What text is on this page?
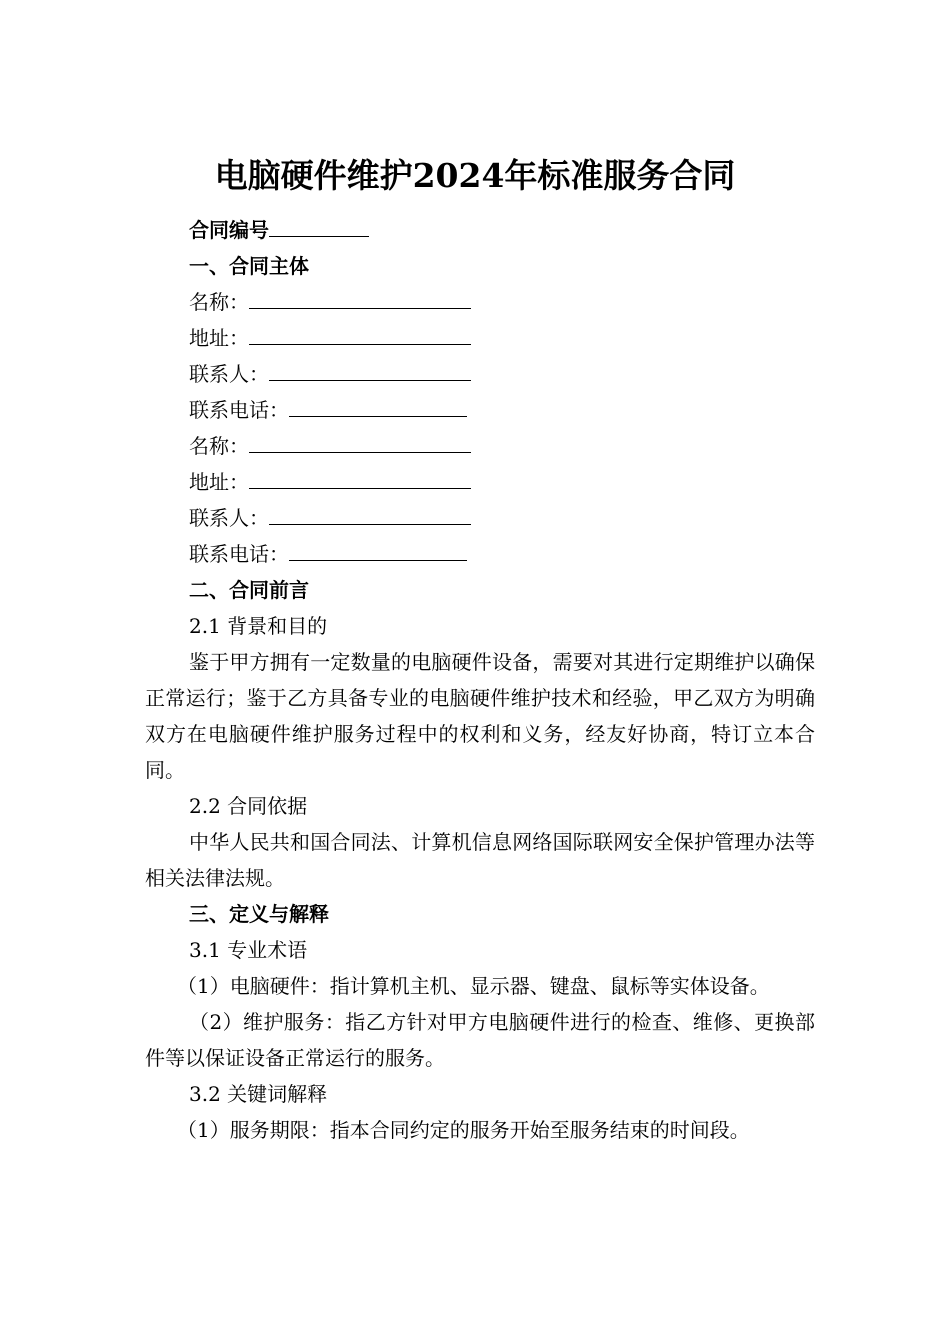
电脑硬件维护2024年标准服务合同
合同编号
一、合同主体
名称：
地址：
联系人：
联系电话：
名称：
地址：
联系人：
联系电话：
二、合同前言
2.1 背景和目的
鉴于甲方拥有一定数量的电脑硬件设备，需要对其进行定期维护以确保正常运行；鉴于乙方具备专业的电脑硬件维护技术和经验，甲乙双方为明确双方在电脑硬件维护服务过程中的权利和义务，经友好协商，特订立本合同。
2.2 合同依据
中华人民共和国合同法、计算机信息网络国际联网安全保护管理办法等相关法律法规。
三、定义与解释
3.1 专业术语
（1）电脑硬件：指计算机主机、显示器、键盘、鼠标等实体设备。
（2）维护服务：指乙方针对甲方电脑硬件进行的检查、维修、更换部件等以保证设备正常运行的服务。
3.2 关键词解释
（1）服务期限：指本合同约定的服务开始至服务结束的时间段。
